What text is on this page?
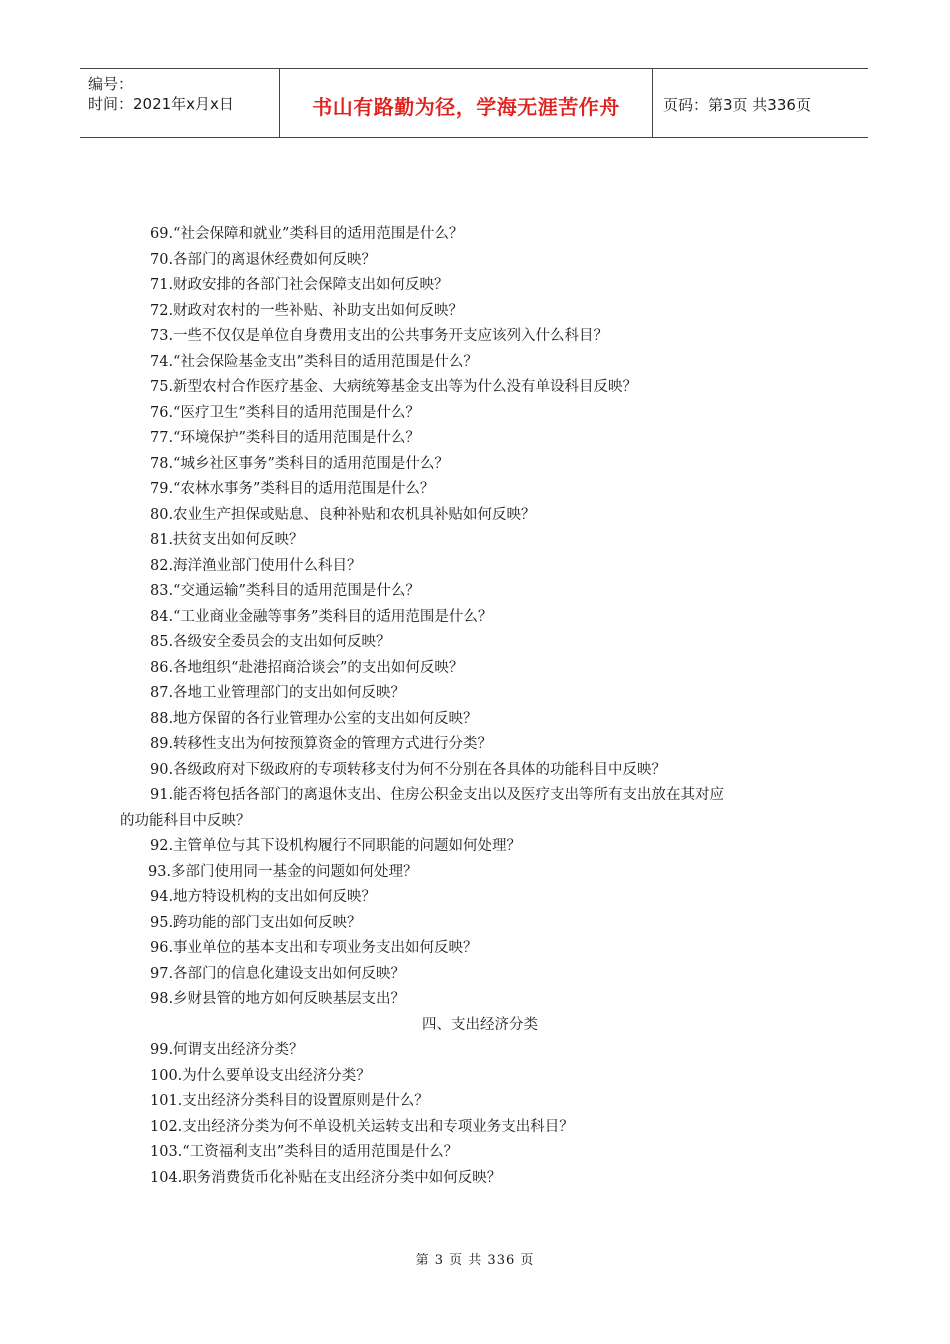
编号：
时间：2021年x月x日	书山有路勤为径，学海无涯苦作舟	页码：第3页 共336页
69.“社会保障和就业”类科目的适用范围是什么？
70.各部门的离退休经费如何反映？
71.财政安排的各部门社会保障支出如何反映？
72.财政对农村的一些补贴、补助支出如何反映？
73.一些不仅仅是单位自身费用支出的公共事务开支应该列入什么科目？
74.“社会保险基金支出”类科目的适用范围是什么？
75.新型农村合作医疗基金、大病统筹基金支出等为什么没有单设科目反映？
76.“医疗卫生”类科目的适用范围是什么？
77.“环境保护”类科目的适用范围是什么？
78.“城乡社区事务”类科目的适用范围是什么？
79.“农林水事务”类科目的适用范围是什么？
80.农业生产担保或贴息、良种补贴和农机具补贴如何反映？
81.扶贫支出如何反映？
82.海洋渔业部门使用什么科目？
83.“交通运输”类科目的适用范围是什么？
84.“工业商业金融等事务”类科目的适用范围是什么？
85.各级安全委员会的支出如何反映？
86.各地组织“赴港招商洽谈会”的支出如何反映？
87.各地工业管理部门的支出如何反映？
88.地方保留的各行业管理办公室的支出如何反映？
89.转移性支出为何按预算资金的管理方式进行分类？
90.各级政府对下级政府的专项转移支付为何不分别在各具体的功能科目中反映？
91.能否将包括各部门的离退休支出、住房公积金支出以及医疗支出等所有支出放在其对应
的功能科目中反映？
92.主管单位与其下设机构履行不同职能的问题如何处理？
93.多部门使用同一基金的问题如何处理？
94.地方特设机构的支出如何反映？
95.跨功能的部门支出如何反映？
96.事业单位的基本支出和专项业务支出如何反映？
97.各部门的信息化建设支出如何反映？
98.乡财县管的地方如何反映基层支出？
四、支出经济分类
99.何谓支出经济分类？
100.为什么要单设支出经济分类？
101.支出经济分类科目的设置原则是什么？
102.支出经济分类为何不单设机关运转支出和专项业务支出科目？
103.“工资福利支出”类科目的适用范围是什么？
104.职务消费货币化补贴在支出经济分类中如何反映？
第 3 页 共 336 页
